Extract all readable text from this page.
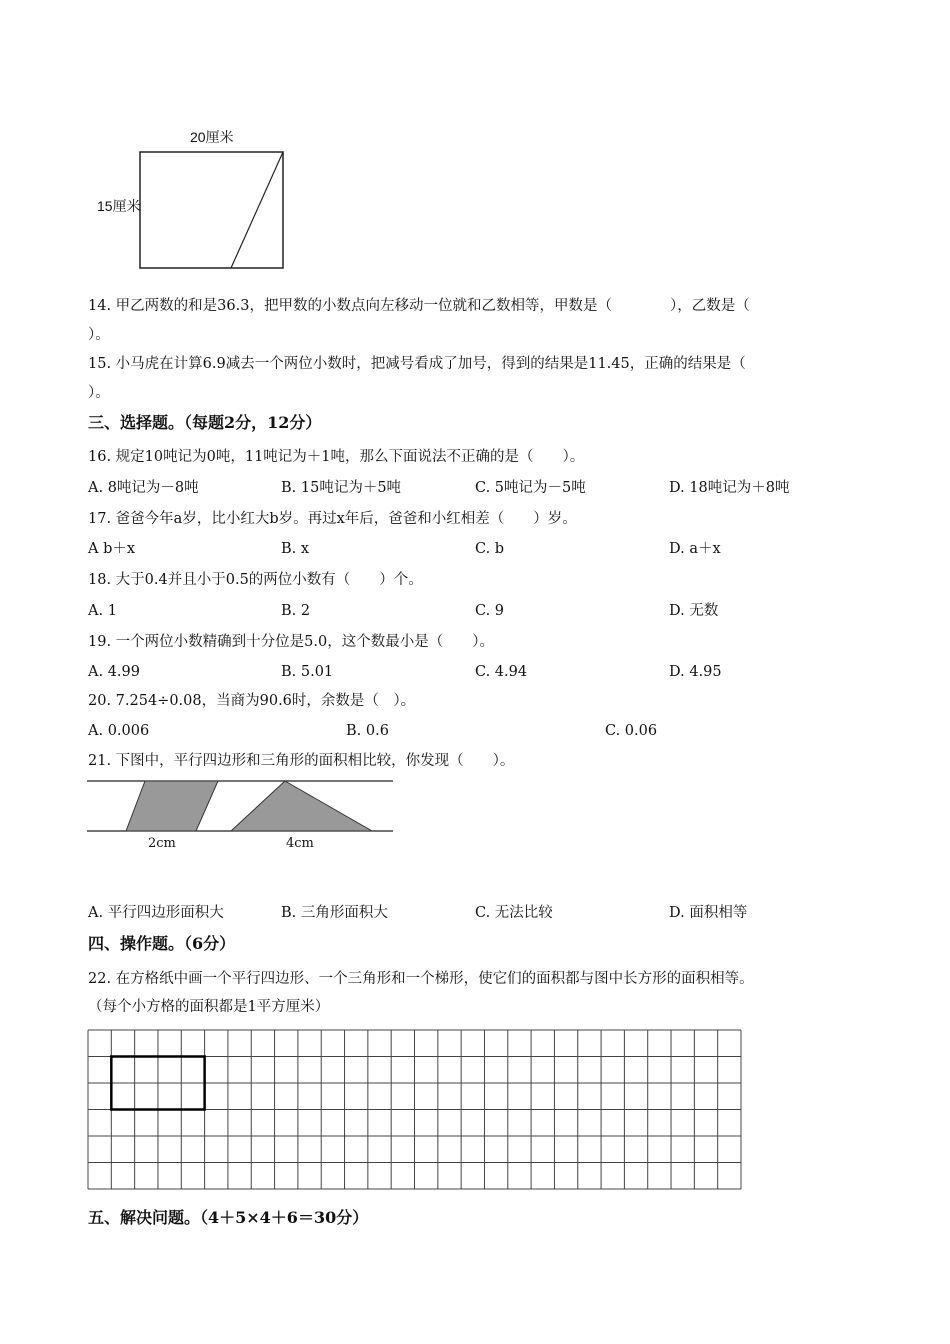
20厘米
15厘米
14. 甲乙两数的和是36.3，把甲数的小数点向左移动一位就和乙数相等，甲数是（　　　　），乙数是（
）。
15. 小马虎在计算6.9减去一个两位小数时，把减号看成了加号，得到的结果是11.45，正确的结果是（
）。
三、选择题。（每题2分，12分）
16. 规定10吨记为0吨，11吨记为＋1吨，那么下面说法不正确的是（　　）。
A. 8吨记为－8吨	B. 15吨记为＋5吨	C. 5吨记为－5吨	D. 18吨记为＋8吨
17. 爸爸今年a岁，比小红大b岁。再过x年后，爸爸和小红相差（　　）岁。
A b＋x	B. x	C. b	D. a＋x
18. 大于0.4并且小于0.5的两位小数有（　　）个。
A. 1	B. 2	C. 9	D. 无数
19. 一个两位小数精确到十分位是5.0，这个数最小是（　　）。
A. 4.99	B. 5.01	C. 4.94	D. 4.95
20. 7.254÷0.08，当商为90.6时，余数是（　）。
A. 0.006	B. 0.6	C. 0.06
21. 下图中，平行四边形和三角形的面积相比较，你发现（　　）。
2cm	4cm
A. 平行四边形面积大	B. 三角形面积大	C. 无法比较	D. 面积相等
四、操作题。（6分）
22. 在方格纸中画一个平行四边形、一个三角形和一个梯形，使它们的面积都与图中长方形的面积相等。
（每个小方格的面积都是1平方厘米）
五、解决问题。（4＋5×4＋6＝30分）
